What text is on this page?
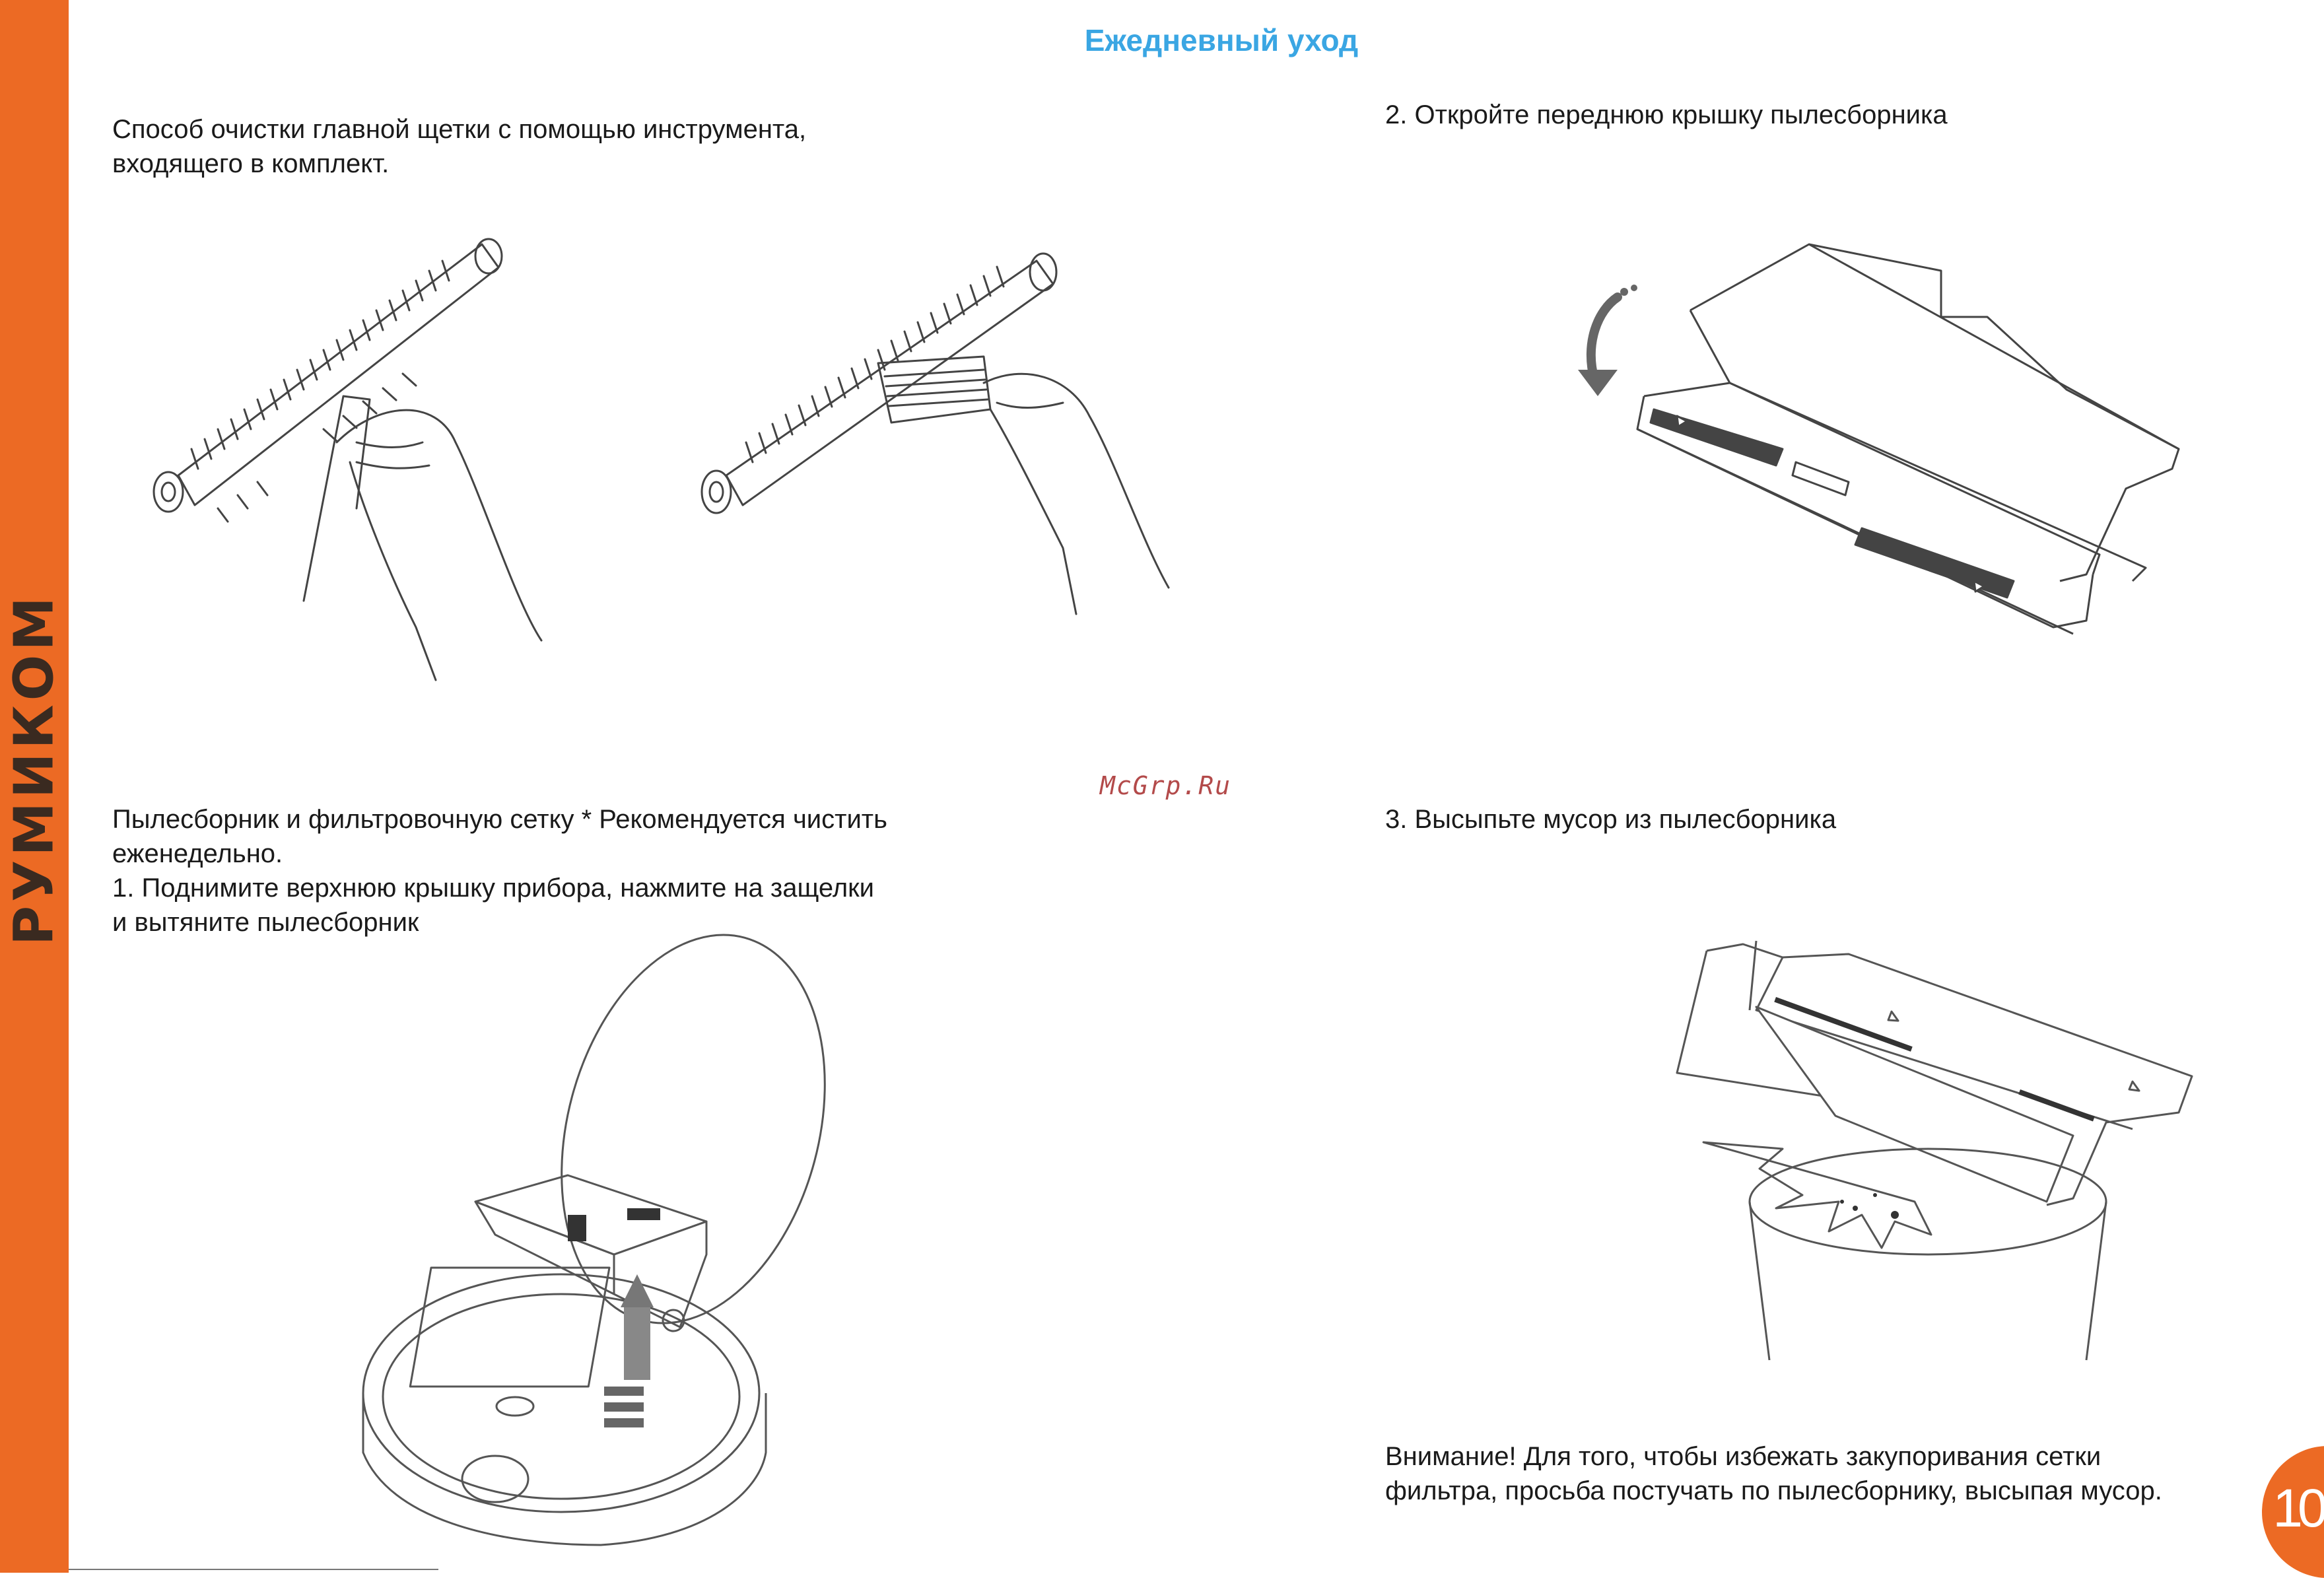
РУМИКОМ
Ежедневный уход
Способ очистки главной щетки с помощью инструмента,
входящего в комплект.
2. Откройте переднюю крышку пылесборника
Пылесборник и фильтровочную сетку * Рекомендуется чистить
еженедельно.
1. Поднимите верхнюю крышку прибора, нажмите на защелки
и вытяните пылесборник
3. Высыпьте мусор из пылесборника
Внимание! Для того, чтобы избежать закупоривания сетки
фильтра, просьба постучать по пылесборнику, высыпая мусор.
McGrp.Ru
10
